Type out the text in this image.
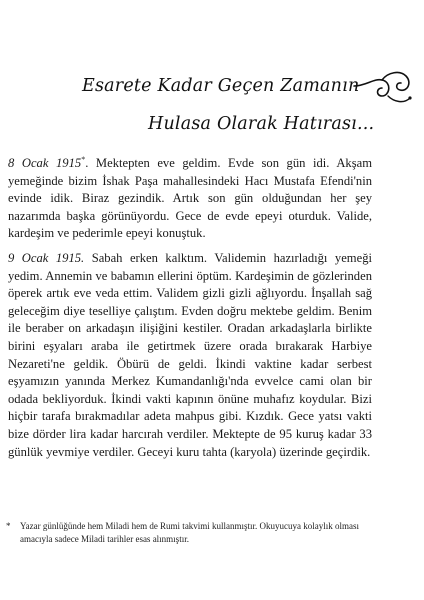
Esarete Kadar Geçen Zamanın
Hulasa Olarak Hatırası...

8 Ocak 1915*. Mektepten eve geldim. Evde son gün idi. Akşam yemeğinde bizim İshak Paşa mahallesindeki Hacı Mustafa Efendi'nin evinde idik. Biraz gezindik. Artık son gün olduğundan her şey nazarımda başka görünüyordu. Gece de evde epeyi oturduk. Valide, kardeşim ve pederimle epeyi konuştuk.

9 Ocak 1915. Sabah erken kalktım. Validemin hazırladığı yemeği yedim. Annemin ve babamın ellerini öptüm. Kardeşimin de gözlerinden öperek artık eve veda ettim. Validem gizli gizli ağlıyordu. İnşallah sağ geleceğim diye teselliye çalıştım. Evden doğru mektebe geldim. Benim ile beraber on arkadaşın ilişiğini kestiler. Oradan arkadaşlarla birlikte birini eşyaları araba ile getirtmek üzere orada bırakarak Harbiye Nezareti'ne geldik. Öbürü de geldi. İkindi vaktine kadar serbest eşyamızın yanında Merkez Kumandanlığı'nda evvelce cami olan bir odada bekliyorduk. İkindi vakti kapının önüne muhafız koydular. Bizi hiçbir tarafa bırakmadılar adeta mahpus gibi. Kızdık. Gece yatsı vakti bize dörder lira kadar harcırah verdiler. Mektepte de 95 kuruş kadar 33 günlük yevmiye verdiler. Geceyi kuru tahta (karyola) üzerinde geçirdik.

*	Yazar günlüğünde hem Miladi hem de Rumi takvimi kullanmıştır. Okuyucuya kolaylık olması amacıyla sadece Miladi tarihler esas alınmıştır.
